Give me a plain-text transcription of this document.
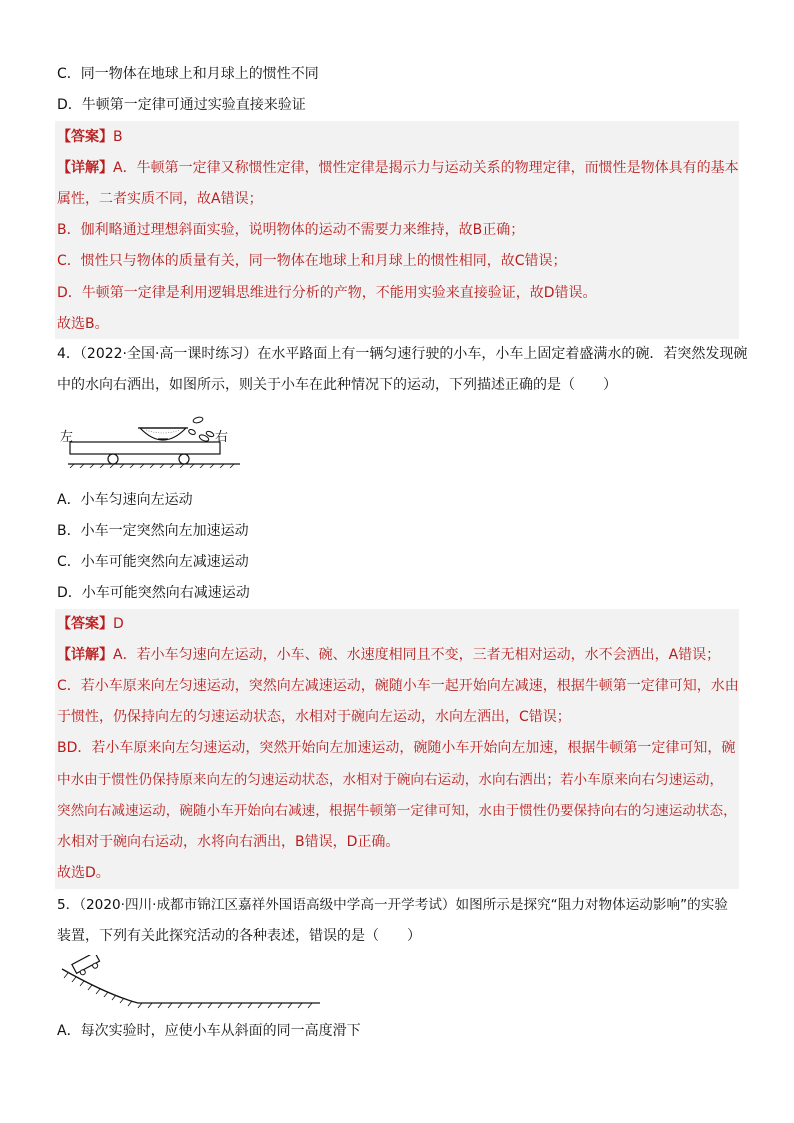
C．同一物体在地球上和月球上的惯性不同
D．牛顿第一定律可通过实验直接来验证
【答案】B
【详解】A．牛顿第一定律又称惯性定律，惯性定律是揭示力与运动关系的物理定律，而惯性是物体具有的基本
属性，二者实质不同，故A错误；
B．伽利略通过理想斜面实验，说明物体的运动不需要力来维持，故B正确；
C．惯性只与物体的质量有关，同一物体在地球上和月球上的惯性相同，故C错误；
D．牛顿第一定律是利用逻辑思维进行分析的产物，不能用实验来直接验证，故D错误。
故选B。
4．（2022·全国·高一课时练习）在水平路面上有一辆匀速行驶的小车，小车上固定着盛满水的碗．若突然发现碗
中的水向右洒出，如图所示，则关于小车在此种情况下的运动，下列描述正确的是（　　）
左	右
A．小车匀速向左运动
B．小车一定突然向左加速运动
C．小车可能突然向左减速运动
D．小车可能突然向右减速运动
【答案】D
【详解】A．若小车匀速向左运动，小车、碗、水速度相同且不变，三者无相对运动，水不会洒出，A错误；
C．若小车原来向左匀速运动，突然向左减速运动，碗随小车一起开始向左减速，根据牛顿第一定律可知，水由
于惯性，仍保持向左的匀速运动状态，水相对于碗向左运动，水向左洒出，C错误；
BD．若小车原来向左匀速运动，突然开始向左加速运动，碗随小车开始向左加速，根据牛顿第一定律可知，碗
中水由于惯性仍保持原来向左的匀速运动状态，水相对于碗向右运动，水向右洒出；若小车原来向右匀速运动，
突然向右减速运动，碗随小车开始向右减速，根据牛顿第一定律可知，水由于惯性仍要保持向右的匀速运动状态，
水相对于碗向右运动，水将向右洒出，B错误，D正确。
故选D。
5．（2020·四川·成都市锦江区嘉祥外国语高级中学高一开学考试）如图所示是探究“阻力对物体运动影响”的实验
装置，下列有关此探究活动的各种表述，错误的是（　　）
A．每次实验时，应使小车从斜面的同一高度滑下
